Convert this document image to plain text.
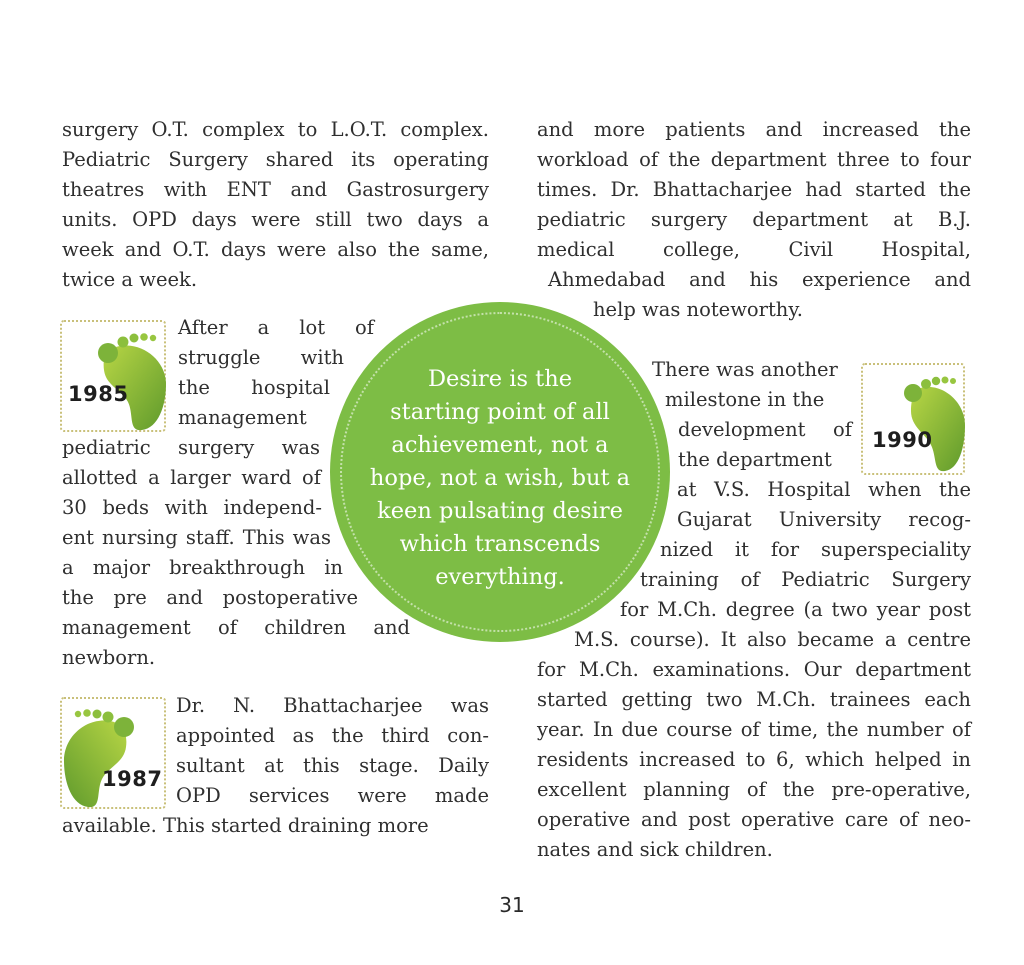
surgery O.T. complex to L.O.T. complex.
Pediatric Surgery shared its operating
theatres with ENT and Gastrosurgery
units. OPD days were still two days a
week and O.T. days were also the same,
twice a week.
1985
After a lot of
struggle with
the hospital
management
pediatric surgery was
allotted a larger ward of
30 beds with independ-
ent nursing staff. This was
a major breakthrough in
the pre and postoperative
management of children and
newborn.
1987
Dr. N. Bhattacharjee was
appointed as the third con-
sultant at this stage. Daily
OPD services were made
available. This started draining more
and more patients and increased the
workload of the department three to four
times. Dr. Bhattacharjee had started the
pediatric surgery department at B.J.
medical college, Civil Hospital,
Ahmedabad and his experience and
help was noteworthy.
1990
There was another
milestone in the
development of
the department
at V.S. Hospital when the
Gujarat University recog-
nized it for superspeciality
training of Pediatric Surgery
for M.Ch. degree (a two year post
M.S. course). It also became a centre
for M.Ch. examinations. Our department
started getting two M.Ch. trainees each
year. In due course of time, the number of
residents increased to 6, which helped in
excellent planning of the pre-operative,
operative and post operative care of neo-
nates and sick children.
Desire is the
starting point of all
achievement, not a
hope, not a wish, but a
keen pulsating desire
which transcends
everything.
31
